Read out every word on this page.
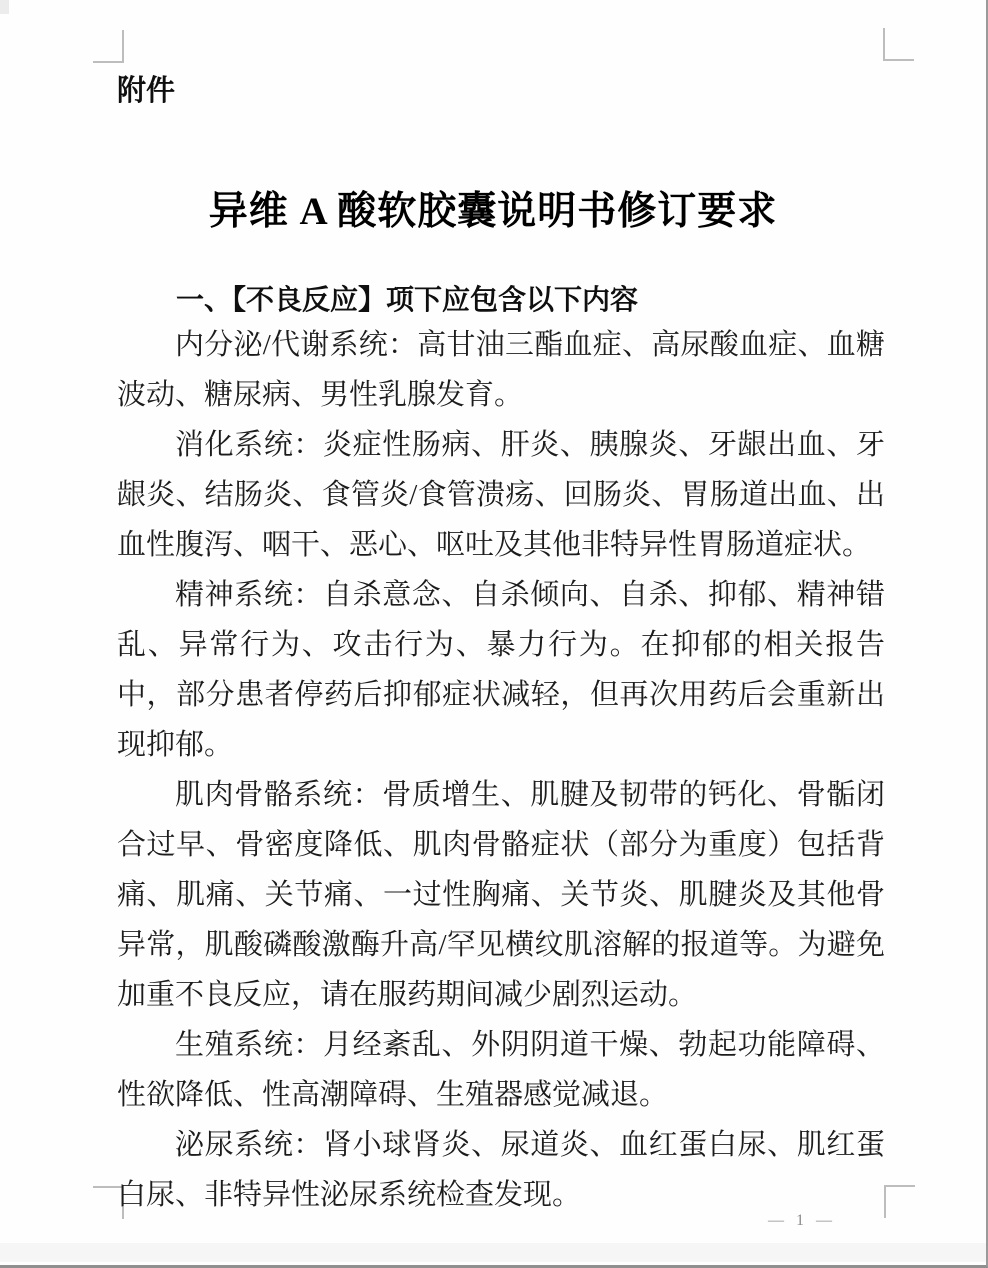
附件
异维 A 酸软胶囊说明书修订要求
一、【不良反应】项下应包含以下内容

内分泌/代谢系统：高甘油三酯血症、高尿酸血症、血糖波动、糖尿病、男性乳腺发育。

消化系统：炎症性肠病、肝炎、胰腺炎、牙龈出血、牙龈炎、结肠炎、食管炎/食管溃疡、回肠炎、胃肠道出血、出血性腹泻、咽干、恶心、呕吐及其他非特异性胃肠道症状。

精神系统：自杀意念、自杀倾向、自杀、抑郁、精神错乱、异常行为、攻击行为、暴力行为。在抑郁的相关报告中，部分患者停药后抑郁症状减轻，但再次用药后会重新出现抑郁。

肌肉骨骼系统：骨质增生、肌腱及韧带的钙化、骨骺闭合过早、骨密度降低、肌肉骨骼症状（部分为重度）包括背痛、肌痛、关节痛、一过性胸痛、关节炎、肌腱炎及其他骨异常，肌酸磷酸激酶升高/罕见横纹肌溶解的报道等。为避免加重不良反应，请在服药期间减少剧烈运动。

生殖系统：月经紊乱、外阴阴道干燥、勃起功能障碍、性欲降低、性高潮障碍、生殖器感觉减退。

泌尿系统：肾小球肾炎、尿道炎、血红蛋白尿、肌红蛋白尿、非特异性泌尿系统检查发现。

— 1 —
